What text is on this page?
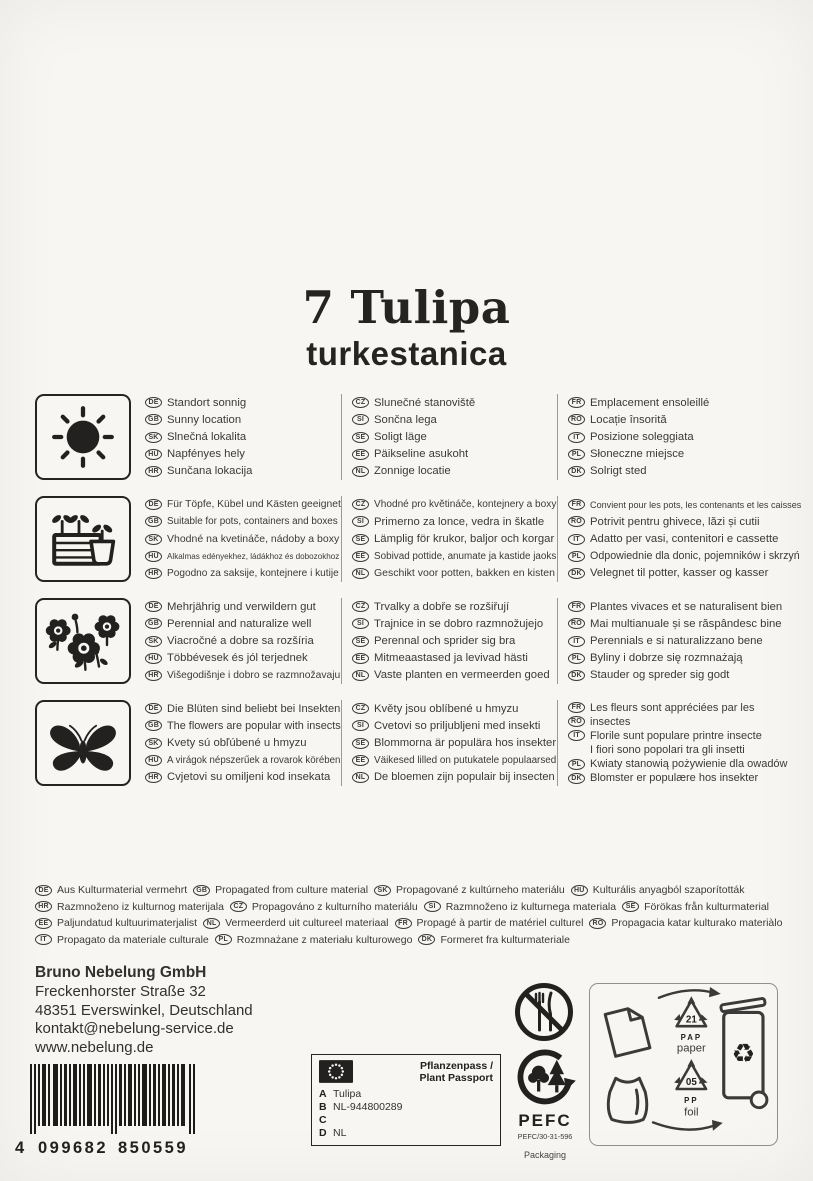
7 Tulipa
turkestanica
DE Standort sonnig
GB Sunny location
SK Slnečná lokalita
HU Napfényes hely
HR Sunčana lokacija
CZ Slunečné stanoviště
SI Sončna lega
SE Soligt läge
EE Päikseline asukoht
NL Zonnige locatie
FR Emplacement ensoleillé
RO Locație însorită
IT Posizione soleggiata
PL Słoneczne miejsce
DK Solrigt sted
DE Für Töpfe, Kübel und Kästen geeignet
GB Suitable for pots, containers and boxes
SK Vhodné na kvetináče, nádoby a boxy
HU	Alkalmas edényekhez, ládákhoz és dobozokhoz
HR Pogodno za saksije, kontejnere i kutije
CZ Vhodné pro květináče, kontejnery a boxy
SI Primerno za lonce, vedra in škatle
SE Lämplig för krukor, baljor och korgar
EE Sobivad pottide, anumate ja kastide jaoks
NL Geschikt voor potten, bakken en kisten
FR Convient pour les pots, les contenants et les caisses
RO Potrivit pentru ghivece, lăzi și cutii
IT Adatto per vasi, contenitori e cassette
PL Odpowiednie dla donic, pojemników i skrzyń
DK Velegnet til potter, kasser og kasser
DE Mehrjährig und verwildern gut
GB Perennial and naturalize well
SK Viacročné a dobre sa rozšíria
HU Többévesek és jól terjednek
HR Višegodišnje i dobro se razmnožavaju
CZ Trvalky a dobře se rozšiřují
SI Trajnice in se dobro razmnožujejo
SE Perennal och sprider sig bra
EE Mitmeaastased ja levivad hästi
NL Vaste planten en vermeerden goed
FR Plantes vivaces et se naturalisent bien
RO Mai multianuale și se răspândesc bine
IT Perennials e si naturalizzano bene
PL Byliny i dobrze się rozmnażają
DK Stauder og spreder sig godt
DE Die Blüten sind beliebt bei Insekten
GB The flowers are popular with insects
SK Kvety sú obľúbené u hmyzu
HU A virágok népszerűek a rovarok körében
HR Cvjetovi su omiljeni kod insekata
CZ Květy jsou oblíbené u hmyzu
SI Cvetovi so priljubljeni med insekti
SE Blommorna är populära hos insekter
EE Väikesed lilled on putukatele populaarsed
NL De bloemen zijn populair bij insecten
FR Les fleurs sont appréciées par les
RO insectes
IT Florile sunt populare printre insecte
I fiori sono popolari tra gli insetti
PL Kwiaty stanowią pożywienie dla owadów
DK Blomster er populære hos insekter
DE Aus Kulturmaterial vermehrt	GB Propagated from culture material	SK Propagované z kultúrneho materiálu	HU Kulturális anyagból szaporították
HR Razmnoženo iz kulturnog materijala	CZ Propagováno z kulturního materiálu	SI Razmnoženo iz kulturnega materiala	SE Förökas från kulturmaterial
EE Paljundatud kultuurimaterjalist	NL Vermeerderd uit cultureel materiaal	FR Propagé à partir de matériel culturel	RO Propagacia katar kulturako materiàlo
IT Propagato da materiale culturale	PL Rozmnażane z materiału kulturowego	DK Formeret fra kulturmateriale
Bruno Nebelung GmbH
Freckenhorster Straße 32
48351 Everswinkel, Deutschland
kontakt@nebelung-service.de
www.nebelung.de
4 099682 850559
Pflanzenpass /
Plant Passport
A Tulipa
B NL-944800289
C
D NL
PEFC
PEFC/30-31-596
Packaging
21
PAP
paper
05
PP
foil
♻
